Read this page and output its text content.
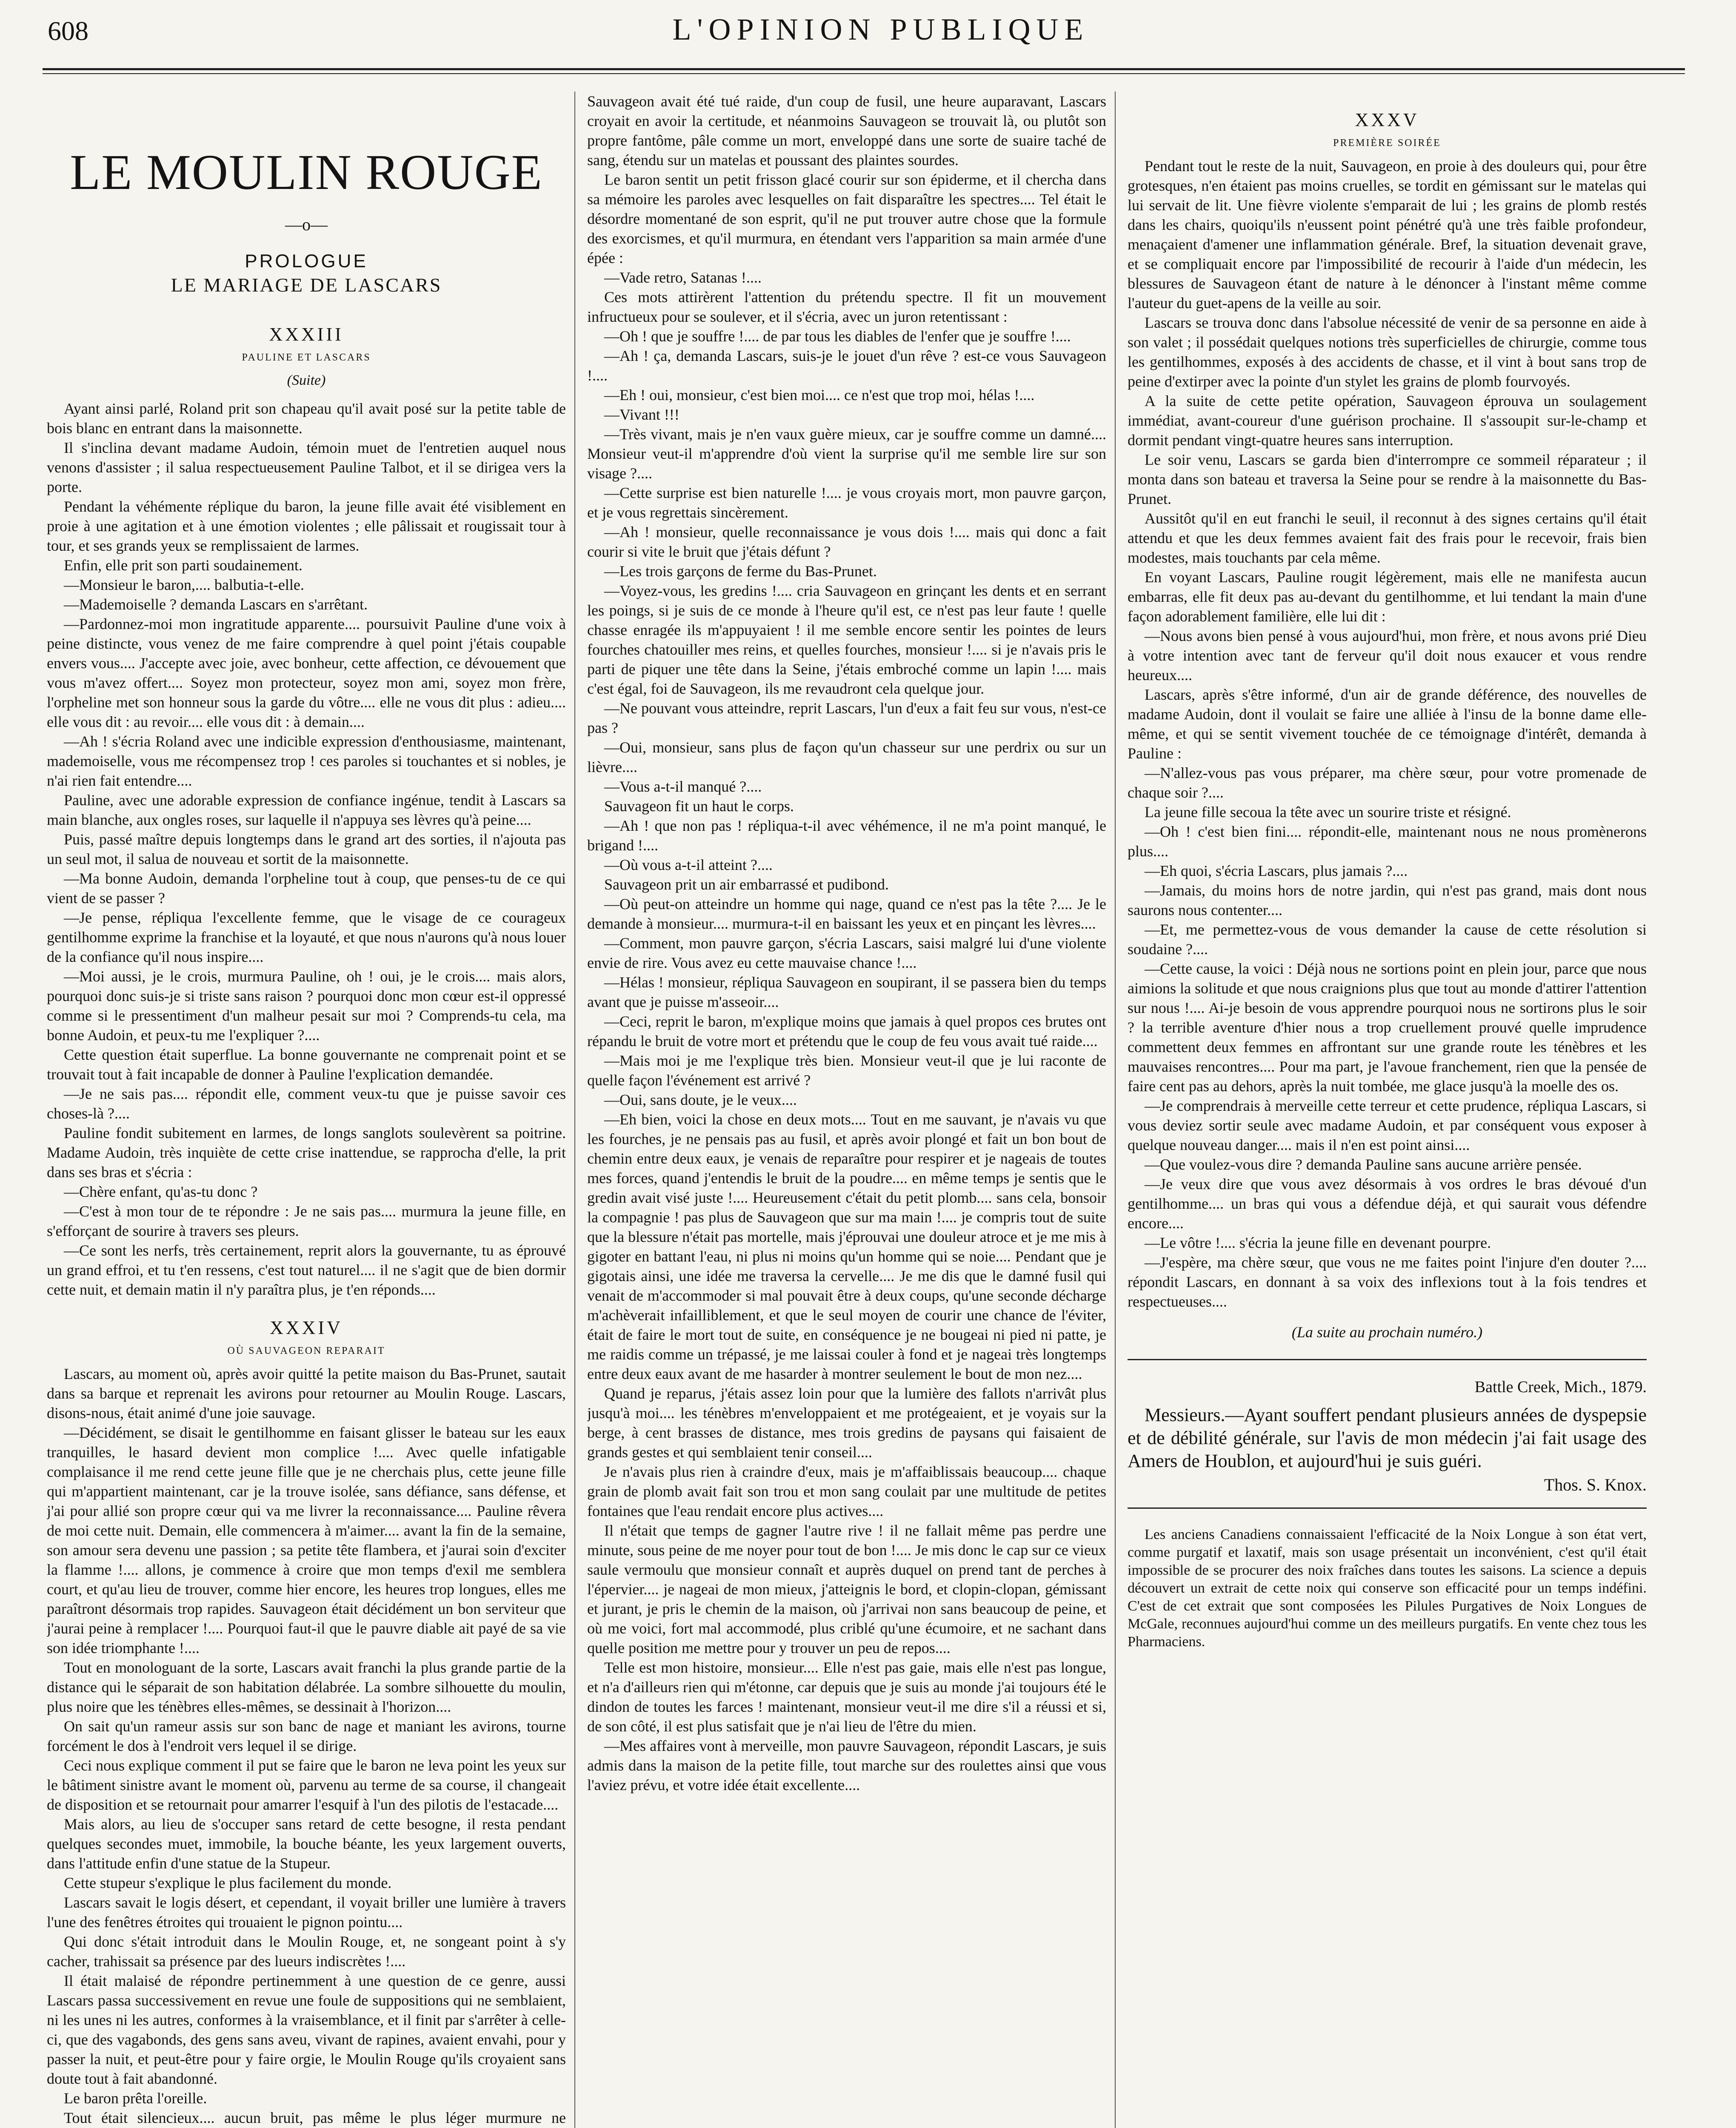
608	L'OPINION PUBLIQUE
LE MOULIN ROUGE
—o—
PROLOGUE
LE MARIAGE DE LASCARS
XXXIII
PAULINE ET LASCARS
(Suite)

Ayant ainsi parlé, Roland prit son chapeau qu'il avait posé sur la petite table de bois blanc en entrant dans la maisonnette.

Il s'inclina devant madame Audoin, témoin muet de l'entretien auquel nous venons d'assister ; il salua respectueusement Pauline Talbot, et il se dirigea vers la porte.

Pendant la véhémente réplique du baron, la jeune fille avait été visiblement en proie à une agitation et à une émotion violentes ; elle pâlissait et rougissait tour à tour, et ses grands yeux se remplissaient de larmes.

Enfin, elle prit son parti soudainement.

—Monsieur le baron,.... balbutia-t-elle.

—Mademoiselle ? demanda Lascars en s'arrêtant.

—Pardonnez-moi mon ingratitude apparente.... poursuivit Pauline d'une voix à peine distincte, vous venez de me faire comprendre à quel point j'étais coupable envers vous.... J'accepte avec joie, avec bonheur, cette affection, ce dévouement que vous m'avez offert.... Soyez mon protecteur, soyez mon ami, soyez mon frère, l'orpheline met son honneur sous la garde du vôtre.... elle ne vous dit plus : adieu.... elle vous dit : au revoir.... elle vous dit : à demain....

—Ah ! s'écria Roland avec une indicible expression d'enthousiasme, maintenant, mademoiselle, vous me récompensez trop ! ces paroles si touchantes et si nobles, je n'ai rien fait entendre....

Pauline, avec une adorable expression de confiance ingénue, tendit à Lascars sa main blanche, aux ongles roses, sur laquelle il n'appuya ses lèvres qu'à peine....

Puis, passé maître depuis longtemps dans le grand art des sorties, il n'ajouta pas un seul mot, il salua de nouveau et sortit de la maisonnette.

—Ma bonne Audoin, demanda l'orpheline tout à coup, que penses-tu de ce qui vient de se passer ?

—Je pense, répliqua l'excellente femme, que le visage de ce courageux gentilhomme exprime la franchise et la loyauté, et que nous n'aurons qu'à nous louer de la confiance qu'il nous inspire....

—Moi aussi, je le crois, murmura Pauline, oh ! oui, je le crois.... mais alors, pourquoi donc suis-je si triste sans raison ? pourquoi donc mon cœur est-il oppressé comme si le pressentiment d'un malheur pesait sur moi ? Comprends-tu cela, ma bonne Audoin, et peux-tu me l'expliquer ?....

Cette question était superflue. La bonne gouvernante ne comprenait point et se trouvait tout à fait incapable de donner à Pauline l'explication demandée.

—Je ne sais pas.... répondit elle, comment veux-tu que je puisse savoir ces choses-là ?....

Pauline fondit subitement en larmes, de longs sanglots soulevèrent sa poitrine. Madame Audoin, très inquiète de cette crise inattendue, se rapprocha d'elle, la prit dans ses bras et s'écria :

—Chère enfant, qu'as-tu donc ?

—C'est à mon tour de te répondre : Je ne sais pas.... murmura la jeune fille, en s'efforçant de sourire à travers ses pleurs.

—Ce sont les nerfs, très certainement, reprit alors la gouvernante, tu as éprouvé un grand effroi, et tu t'en ressens, c'est tout naturel.... il ne s'agit que de bien dormir cette nuit, et demain matin il n'y paraîtra plus, je t'en réponds....

XXXIV
OÙ SAUVAGEON REPARAIT

Lascars, au moment où, après avoir quitté la petite maison du Bas-Prunet, sautait dans sa barque et reprenait les avirons pour retourner au Moulin Rouge. Lascars, disons-nous, était animé d'une joie sauvage.

—Décidément, se disait le gentilhomme en faisant glisser le bateau sur les eaux tranquilles, le hasard devient mon complice !.... Avec quelle infatigable complaisance il me rend cette jeune fille que je ne cherchais plus, cette jeune fille qui m'appartient maintenant, car je la trouve isolée, sans défiance, sans défense, et j'ai pour allié son propre cœur qui va me livrer la reconnaissance.... Pauline rêvera de moi cette nuit. Demain, elle commencera à m'aimer.... avant la fin de la semaine, son amour sera devenu une passion ; sa petite tête flambera, et j'aurai soin d'exciter la flamme !.... allons, je commence à croire que mon temps d'exil me semblera court, et qu'au lieu de trouver, comme hier encore, les heures trop longues, elles me paraîtront désormais trop rapides. Sauvageon était décidément un bon serviteur que j'aurai peine à remplacer !.... Pourquoi faut-il que le pauvre diable ait payé de sa vie son idée triomphante !....

Tout en monologuant de la sorte, Lascars avait franchi la plus grande partie de la distance qui le séparait de son habitation délabrée. La sombre silhouette du moulin, plus noire que les ténèbres elles-mêmes, se dessinait à l'horizon....

On sait qu'un rameur assis sur son banc de nage et maniant les avirons, tourne forcément le dos à l'endroit vers lequel il se dirige.

Ceci nous explique comment il put se faire que le baron ne leva point les yeux sur le bâtiment sinistre avant le moment où, parvenu au terme de sa course, il changeait de disposition et se retournait pour amarrer l'esquif à l'un des pilotis de l'estacade....

Mais alors, au lieu de s'occuper sans retard de cette besogne, il resta pendant quelques secondes muet, immobile, la bouche béante, les yeux largement ouverts, dans l'attitude enfin d'une statue de la Stupeur.

Cette stupeur s'explique le plus facilement du monde.

Lascars savait le logis désert, et cependant, il voyait briller une lumière à travers l'une des fenêtres étroites qui trouaient le pignon pointu....

Qui donc s'était introduit dans le Moulin Rouge, et, ne songeant point à s'y cacher, trahissait sa présence par des lueurs indiscrètes !....

Il était malaisé de répondre pertinemment à une question de ce genre, aussi Lascars passa successivement en revue une foule de suppositions qui ne semblaient, ni les unes ni les autres, conformes à la vraisemblance, et il finit par s'arrêter à celle-ci, que des vagabonds, des gens sans aveu, vivant de rapines, avaient envahi, pour y passer la nuit, et peut-être pour y faire orgie, le Moulin Rouge qu'ils croyaient sans doute tout à fait abandonné.

Le baron prêta l'oreille.

Tout était silencieux.... aucun bruit, pas même le plus léger murmure ne

Sauvageon avait été tué raide, d'un coup de fusil, une heure auparavant, Lascars croyait en avoir la certitude, et néanmoins Sauvageon se trouvait là, ou plutôt son propre fantôme, pâle comme un mort, enveloppé dans une sorte de suaire taché de sang, étendu sur un matelas et poussant des plaintes sourdes.

Le baron sentit un petit frisson glacé courir sur son épiderme, et il chercha dans sa mémoire les paroles avec lesquelles on fait disparaître les spectres.... Tel était le désordre momentané de son esprit, qu'il ne put trouver autre chose que la formule des exorcismes, et qu'il murmura, en étendant vers l'apparition sa main armée d'une épée :

—Vade retro, Satanas !....

Ces mots attirèrent l'attention du prétendu spectre. Il fit un mouvement infructueux pour se soulever, et il s'écria, avec un juron retentissant :

—Oh ! que je souffre !.... de par tous les diables de l'enfer que je souffre !....

—Ah ! ça, demanda Lascars, suis-je le jouet d'un rêve ? est-ce vous Sauvageon !....

—Eh ! oui, monsieur, c'est bien moi.... ce n'est que trop moi, hélas !....

—Vivant !!!

—Très vivant, mais je n'en vaux guère mieux, car je souffre comme un damné.... Monsieur veut-il m'apprendre d'où vient la surprise qu'il me semble lire sur son visage ?....

—Cette surprise est bien naturelle !.... je vous croyais mort, mon pauvre garçon, et je vous regrettais sincèrement.

—Ah ! monsieur, quelle reconnaissance je vous dois !.... mais qui donc a fait courir si vite le bruit que j'étais défunt ?

—Les trois garçons de ferme du Bas-Prunet.

—Voyez-vous, les gredins !.... cria Sauvageon en grinçant les dents et en serrant les poings, si je suis de ce monde à l'heure qu'il est, ce n'est pas leur faute ! quelle chasse enragée ils m'appuyaient ! il me semble encore sentir les pointes de leurs fourches chatouiller mes reins, et quelles fourches, monsieur !.... si je n'avais pris le parti de piquer une tête dans la Seine, j'étais embroché comme un lapin !.... mais c'est égal, foi de Sauvageon, ils me revaudront cela quelque jour.

—Ne pouvant vous atteindre, reprit Lascars, l'un d'eux a fait feu sur vous, n'est-ce pas ?

—Oui, monsieur, sans plus de façon qu'un chasseur sur une perdrix ou sur un lièvre....

—Vous a-t-il manqué ?....

Sauvageon fit un haut le corps.

—Ah ! que non pas ! répliqua-t-il avec véhémence, il ne m'a point manqué, le brigand !....

—Où vous a-t-il atteint ?....

Sauvageon prit un air embarrassé et pudibond.

—Où peut-on atteindre un homme qui nage, quand ce n'est pas la tête ?.... Je le demande à monsieur.... murmura-t-il en baissant les yeux et en pinçant les lèvres....

—Comment, mon pauvre garçon, s'écria Lascars, saisi malgré lui d'une violente envie de rire. Vous avez eu cette mauvaise chance !....

—Hélas ! monsieur, répliqua Sauvageon en soupirant, il se passera bien du temps avant que je puisse m'asseoir....

—Ceci, reprit le baron, m'explique moins que jamais à quel propos ces brutes ont répandu le bruit de votre mort et prétendu que le coup de feu vous avait tué raide....

—Mais moi je me l'explique très bien. Monsieur veut-il que je lui raconte de quelle façon l'événement est arrivé ?

—Oui, sans doute, je le veux....

—Eh bien, voici la chose en deux mots.... Tout en me sauvant, je n'avais vu que les fourches, je ne pensais pas au fusil, et après avoir plongé et fait un bon bout de chemin entre deux eaux, je venais de reparaître pour respirer et je nageais de toutes mes forces, quand j'entendis le bruit de la poudre.... en même temps je sentis que le gredin avait visé juste !.... Heureusement c'était du petit plomb.... sans cela, bonsoir la compagnie ! pas plus de Sauvageon que sur ma main !.... je compris tout de suite que la blessure n'était pas mortelle, mais j'éprouvai une douleur atroce et je me mis à gigoter en battant l'eau, ni plus ni moins qu'un homme qui se noie.... Pendant que je gigotais ainsi, une idée me traversa la cervelle.... Je me dis que le damné fusil qui venait de m'accommoder si mal pouvait être à deux coups, qu'une seconde décharge m'achèverait infailliblement, et que le seul moyen de courir une chance de l'éviter, était de faire le mort tout de suite, en conséquence je ne bougeai ni pied ni patte, je me raidis comme un trépassé, je me laissai couler à fond et je nageai très longtemps entre deux eaux avant de me hasarder à montrer seulement le bout de mon nez....

Quand je reparus, j'étais assez loin pour que la lumière des fallots n'arrivât plus jusqu'à moi.... les ténèbres m'enveloppaient et me protégeaient, et je voyais sur la berge, à cent brasses de distance, mes trois gredins de paysans qui faisaient de grands gestes et qui semblaient tenir conseil....

Je n'avais plus rien à craindre d'eux, mais je m'affaiblissais beaucoup.... chaque grain de plomb avait fait son trou et mon sang coulait par une multitude de petites fontaines que l'eau rendait encore plus actives....

Il n'était que temps de gagner l'autre rive ! il ne fallait même pas perdre une minute, sous peine de me noyer pour tout de bon !.... Je mis donc le cap sur ce vieux saule vermoulu que monsieur connaît et auprès duquel on prend tant de perches à l'épervier.... je nageai de mon mieux, j'atteignis le bord, et clopin-clopan, gémissant et jurant, je pris le chemin de la maison, où j'arrivai non sans beaucoup de peine, et où me voici, fort mal accommodé, plus criblé qu'une écumoire, et ne sachant dans quelle position me mettre pour y trouver un peu de repos....

Telle est mon histoire, monsieur.... Elle n'est pas gaie, mais elle n'est pas longue, et n'a d'ailleurs rien qui m'étonne, car depuis que je suis au monde j'ai toujours été le dindon de toutes les farces ! maintenant, monsieur veut-il me dire s'il a réussi et si, de son côté, il est plus satisfait que je n'ai lieu de l'être du mien.

—Mes affaires vont à merveille, mon pauvre Sauvageon, répondit Lascars, je suis admis dans la maison de la petite fille, tout marche sur des roulettes ainsi que vous l'aviez prévu, et votre idée était excellente....

XXXV
PREMIÈRE SOIRÉE

Pendant tout le reste de la nuit, Sauvageon, en proie à des douleurs qui, pour être grotesques, n'en étaient pas moins cruelles, se tordit en gémissant sur le matelas qui lui servait de lit. Une fièvre violente s'emparait de lui ; les grains de plomb restés dans les chairs, quoiqu'ils n'eussent point pénétré qu'à une très faible profondeur, menaçaient d'amener une inflammation générale. Bref, la situation devenait grave, et se compliquait encore par l'impossibilité de recourir à l'aide d'un médecin, les blessures de Sauvageon étant de nature à le dénoncer à l'instant même comme l'auteur du guet-apens de la veille au soir.

Lascars se trouva donc dans l'absolue nécessité de venir de sa personne en aide à son valet ; il possédait quelques notions très superficielles de chirurgie, comme tous les gentilhommes, exposés à des accidents de chasse, et il vint à bout sans trop de peine d'extirper avec la pointe d'un stylet les grains de plomb fourvoyés.

A la suite de cette petite opération, Sauvageon éprouva un soulagement immédiat, avant-coureur d'une guérison prochaine. Il s'assoupit sur-le-champ et dormit pendant vingt-quatre heures sans interruption.

Le soir venu, Lascars se garda bien d'interrompre ce sommeil réparateur ; il monta dans son bateau et traversa la Seine pour se rendre à la maisonnette du Bas-Prunet.

Aussitôt qu'il en eut franchi le seuil, il reconnut à des signes certains qu'il était attendu et que les deux femmes avaient fait des frais pour le recevoir, frais bien modestes, mais touchants par cela même.

En voyant Lascars, Pauline rougit légèrement, mais elle ne manifesta aucun embarras, elle fit deux pas au-devant du gentilhomme, et lui tendant la main d'une façon adorablement familière, elle lui dit :

—Nous avons bien pensé à vous aujourd'hui, mon frère, et nous avons prié Dieu à votre intention avec tant de ferveur qu'il doit nous exaucer et vous rendre heureux....

Lascars, après s'être informé, d'un air de grande déférence, des nouvelles de madame Audoin, dont il voulait se faire une alliée à l'insu de la bonne dame elle-même, et qui se sentit vivement touchée de ce témoignage d'intérêt, demanda à Pauline :

—N'allez-vous pas vous préparer, ma chère sœur, pour votre promenade de chaque soir ?....

La jeune fille secoua la tête avec un sourire triste et résigné.

—Oh ! c'est bien fini.... répondit-elle, maintenant nous ne nous promènerons plus....

—Eh quoi, s'écria Lascars, plus jamais ?....

—Jamais, du moins hors de notre jardin, qui n'est pas grand, mais dont nous saurons nous contenter....

—Et, me permettez-vous de vous demander la cause de cette résolution si soudaine ?....

—Cette cause, la voici : Déjà nous ne sortions point en plein jour, parce que nous aimions la solitude et que nous craignions plus que tout au monde d'attirer l'attention sur nous !.... Ai-je besoin de vous apprendre pourquoi nous ne sortirons plus le soir ? la terrible aventure d'hier nous a trop cruellement prouvé quelle imprudence commettent deux femmes en affrontant sur une grande route les ténèbres et les mauvaises rencontres.... Pour ma part, je l'avoue franchement, rien que la pensée de faire cent pas au dehors, après la nuit tombée, me glace jusqu'à la moelle des os.

—Je comprendrais à merveille cette terreur et cette prudence, répliqua Lascars, si vous deviez sortir seule avec madame Audoin, et par conséquent vous exposer à quelque nouveau danger.... mais il n'en est point ainsi....

—Que voulez-vous dire ? demanda Pauline sans aucune arrière pensée.

—Je veux dire que vous avez désormais à vos ordres le bras dévoué d'un gentilhomme.... un bras qui vous a défendue déjà, et qui saurait vous défendre encore....

—Le vôtre !.... s'écria la jeune fille en devenant pourpre.

—J'espère, ma chère sœur, que vous ne me faites point l'injure d'en douter ?.... répondit Lascars, en donnant à sa voix des inflexions tout à la fois tendres et respectueuses....

(La suite au prochain numéro.)
Battle Creek, Mich., 1879.
Messieurs.—Ayant souffert pendant plusieurs années de dyspepsie et de débilité générale, sur l'avis de mon médecin j'ai fait usage des Amers de Houblon, et aujourd'hui je suis guéri.
Thos. S. Knox.
Les anciens Canadiens connaissaient l'efficacité de la Noix Longue à son état vert, comme purgatif et laxatif, mais son usage présentait un inconvénient, c'est qu'il était impossible de se procurer des noix fraîches dans toutes les saisons. La science a depuis découvert un extrait de cette noix qui conserve son efficacité pour un temps indéfini. C'est de cet extrait que sont composées les Pilules Purgatives de Noix Longues de McGale, reconnues aujourd'hui comme un des meilleurs purgatifs. En vente chez tous les Pharmaciens.
